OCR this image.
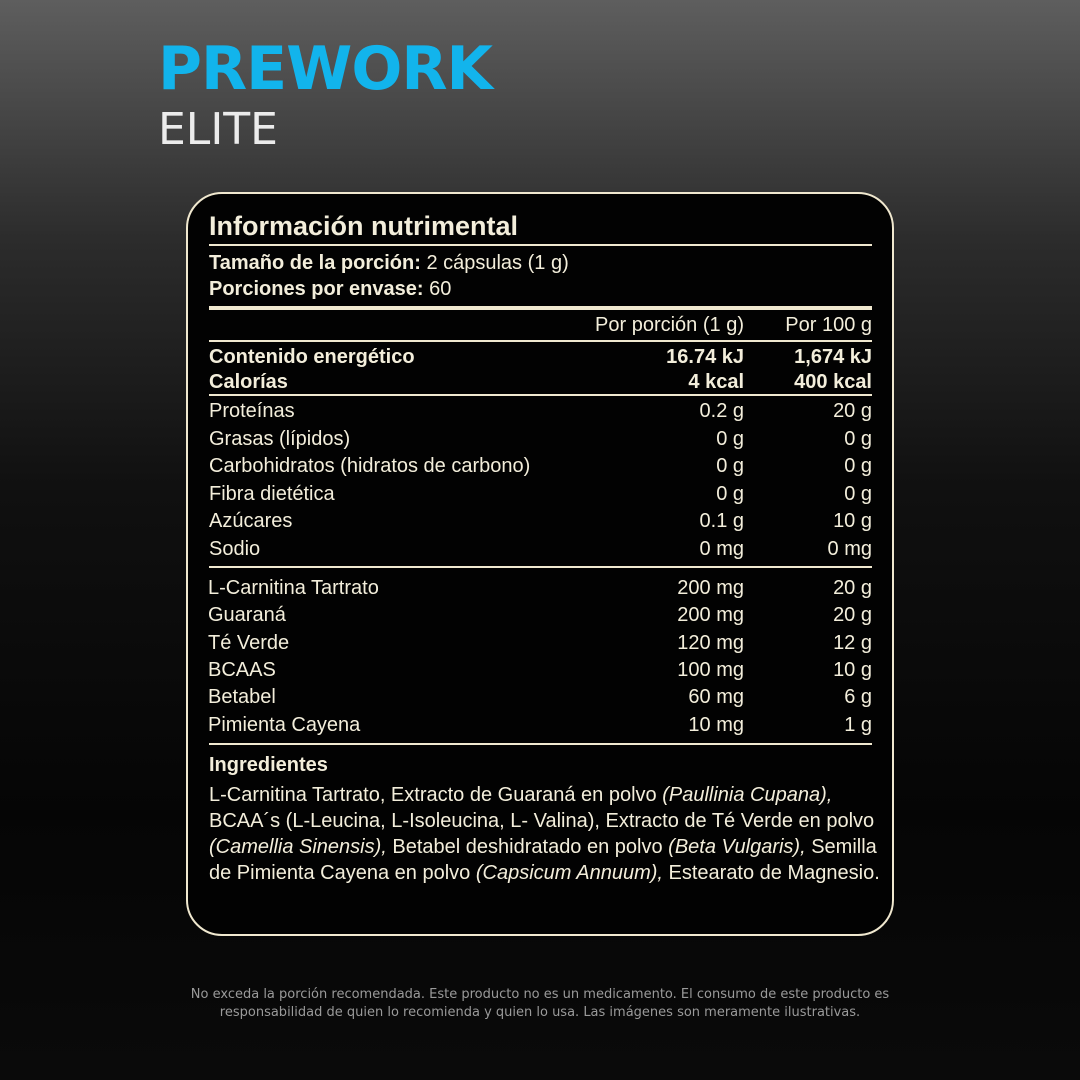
PREWORK
ELITE
Información nutrimental
Tamaño de la porción: 2 cápsulas (1 g)
Porciones por envase: 60
Por porción (1 g) Por 100 g
Contenido energético	16.74 kJ	1,674 kJ
Calorías	4 kcal	400 kcal
Proteínas	0.2 g	20 g
Grasas (lípidos)	0 g	0 g
Carbohidratos (hidratos de carbono)	0 g	0 g
Fibra dietética	0 g	0 g
Azúcares	0.1 g	10 g
Sodio	0 mg	0 mg
L-Carnitina Tartrato	200 mg	20 g
Guaraná	200 mg	20 g
Té Verde	120 mg	12 g
BCAAS	100 mg	10 g
Betabel	60 mg	6 g
Pimienta Cayena	10 mg	1 g
Ingredientes
L-Carnitina Tartrato, Extracto de Guaraná en polvo (Paullinia Cupana), BCAA´s (L-Leucina, L-Isoleucina, L- Valina), Extracto de Té Verde en polvo (Camellia Sinensis), Betabel deshidratado en polvo (Beta Vulgaris), Semilla de Pimienta Cayena en polvo (Capsicum Annuum), Estearato de Magnesio.
No exceda la porción recomendada. Este producto no es un medicamento. El consumo de este producto es
responsabilidad de quien lo recomienda y quien lo usa. Las imágenes son meramente ilustrativas.
